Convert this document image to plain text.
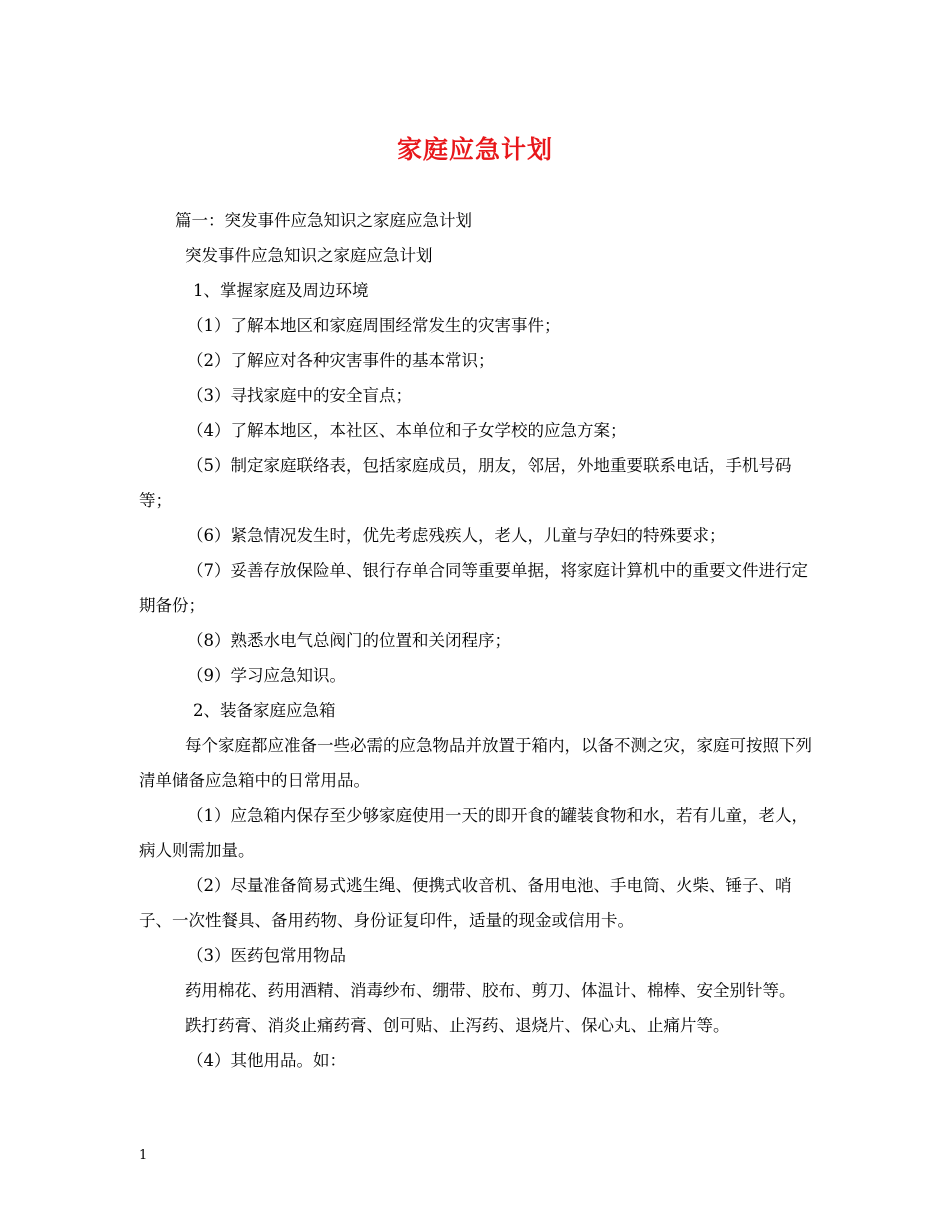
家庭应急计划

篇一：突发事件应急知识之家庭应急计划

突发事件应急知识之家庭应急计划

1、掌握家庭及周边环境

（1）了解本地区和家庭周围经常发生的灾害事件；

（2）了解应对各种灾害事件的基本常识；

（3）寻找家庭中的安全盲点；

（4）了解本地区，本社区、本单位和子女学校的应急方案；

（5）制定家庭联络表，包括家庭成员，朋友，邻居，外地重要联系电话，手机号码等；

（6）紧急情况发生时，优先考虑残疾人，老人，儿童与孕妇的特殊要求；

（7）妥善存放保险单、银行存单合同等重要单据，将家庭计算机中的重要文件进行定期备份；

（8）熟悉水电气总阀门的位置和关闭程序；

（9）学习应急知识。

2、装备家庭应急箱

每个家庭都应准备一些必需的应急物品并放置于箱内，以备不测之灾，家庭可按照下列清单储备应急箱中的日常用品。

（1）应急箱内保存至少够家庭使用一天的即开食的罐装食物和水，若有儿童，老人，病人则需加量。

（2）尽量准备简易式逃生绳、便携式收音机、备用电池、手电筒、火柴、锤子、哨子、一次性餐具、备用药物、身份证复印件，适量的现金或信用卡。

（3）医药包常用物品

药用棉花、药用酒精、消毒纱布、绷带、胶布、剪刀、体温计、棉棒、安全别针等。

跌打药膏、消炎止痛药膏、创可贴、止泻药、退烧片、保心丸、止痛片等。

（4）其他用品。如：

1
